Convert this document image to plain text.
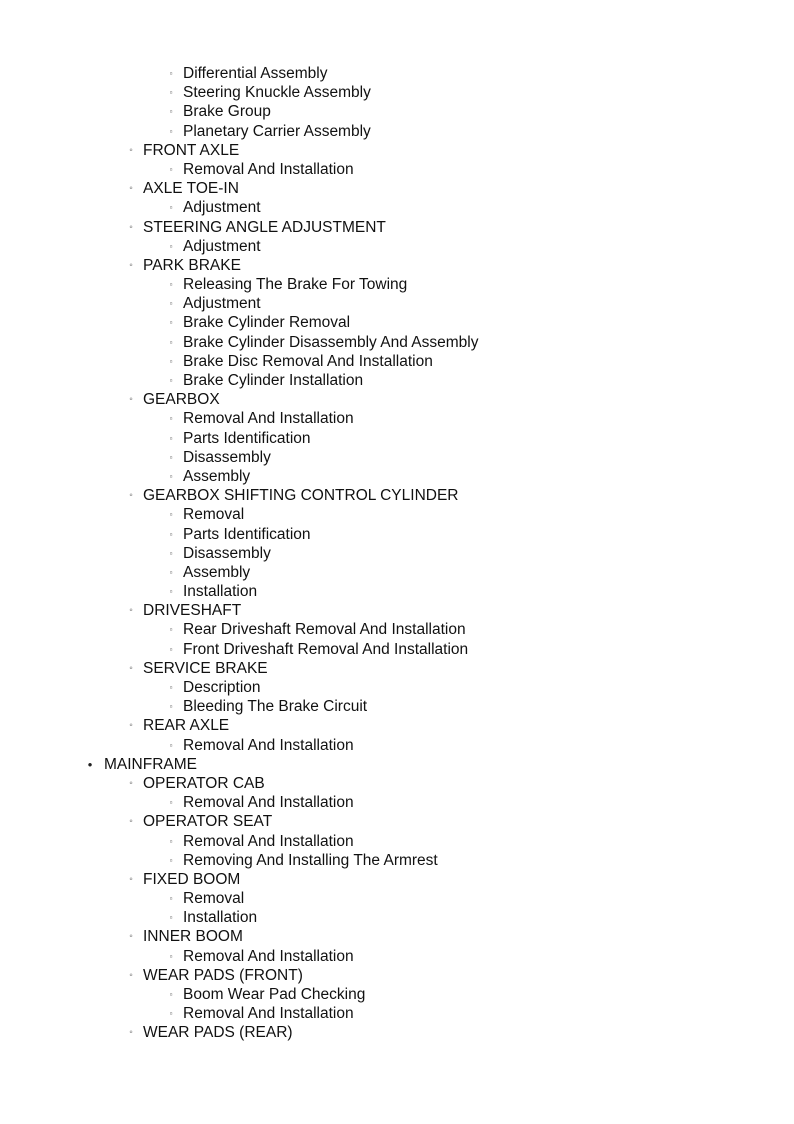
▫ Differential Assembly
▫ Steering Knuckle Assembly
▫ Brake Group
▫ Planetary Carrier Assembly
◦ FRONT AXLE
▫ Removal And Installation
◦ AXLE TOE-IN
▫ Adjustment
◦ STEERING ANGLE ADJUSTMENT
▫ Adjustment
◦ PARK BRAKE
▫ Releasing The Brake For Towing
▫ Adjustment
▫ Brake Cylinder Removal
▫ Brake Cylinder Disassembly And Assembly
▫ Brake Disc Removal And Installation
▫ Brake Cylinder Installation
◦ GEARBOX
▫ Removal And Installation
▫ Parts Identification
▫ Disassembly
▫ Assembly
◦ GEARBOX SHIFTING CONTROL CYLINDER
▫ Removal
▫ Parts Identification
▫ Disassembly
▫ Assembly
▫ Installation
◦ DRIVESHAFT
▫ Rear Driveshaft Removal And Installation
▫ Front Driveshaft Removal And Installation
◦ SERVICE BRAKE
▫ Description
▫ Bleeding The Brake Circuit
◦ REAR AXLE
▫ Removal And Installation
• MAINFRAME
◦ OPERATOR CAB
▫ Removal And Installation
◦ OPERATOR SEAT
▫ Removal And Installation
▫ Removing And Installing The Armrest
◦ FIXED BOOM
▫ Removal
▫ Installation
◦ INNER BOOM
▫ Removal And Installation
◦ WEAR PADS (FRONT)
▫ Boom Wear Pad Checking
▫ Removal And Installation
◦ WEAR PADS (REAR)
